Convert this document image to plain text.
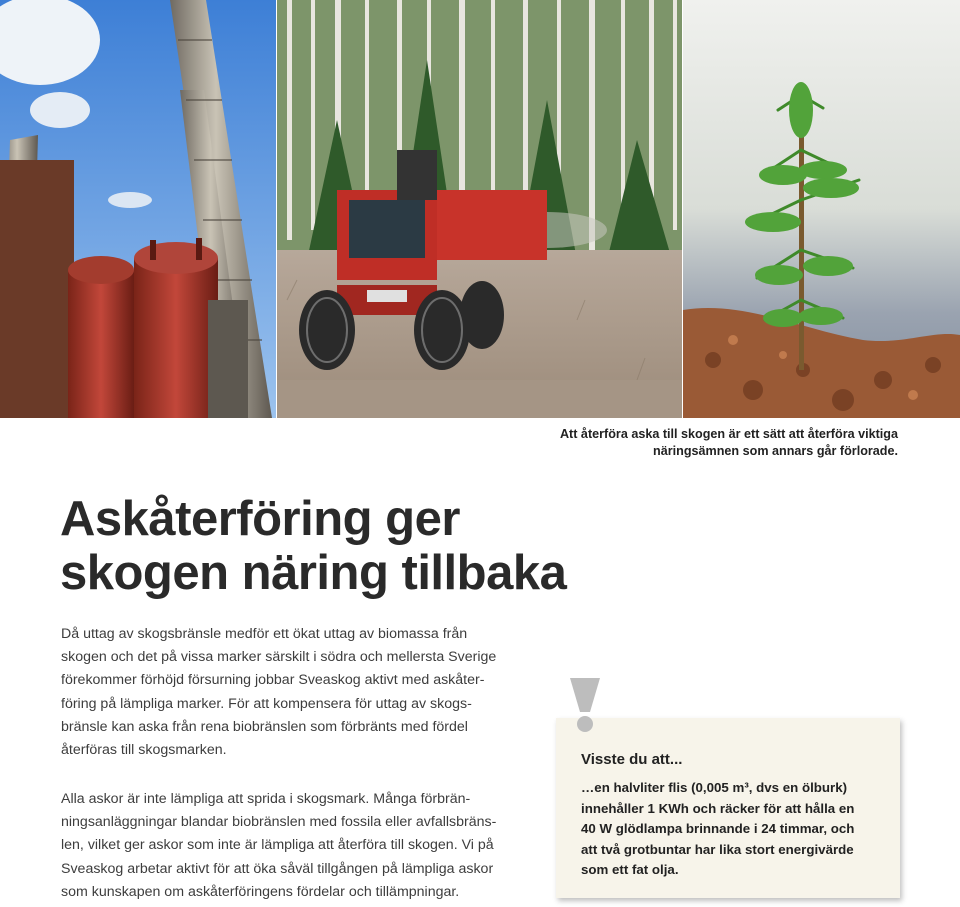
Att återföra aska till skogen är ett sätt att återföra viktiga
näringsämnen som annars går förlorade.
Askåterföring ger
skogen näring tillbaka
Då uttag av skogsbränsle medför ett ökat uttag av biomassa från
skogen och det på vissa marker särskilt i södra och mellersta Sverige
förekommer förhöjd försurning jobbar Sveaskog aktivt med askåter-
föring på lämpliga marker. För att kompensera för uttag av skogs-
bränsle kan aska från rena biobränslen som förbränts med fördel
återföras till skogsmarken.
Alla askor är inte lämpliga att sprida i skogsmark. Många förbrän-
ningsanläggningar blandar biobränslen med fossila eller avfallsbräns-
len, vilket ger askor som inte är lämpliga att återföra till skogen. Vi på
Sveaskog arbetar aktivt för att öka såväl tillgången på lämpliga askor
som kunskapen om askåterföringens fördelar och tillämpningar.
Visste du att...
…en halvliter flis (0,005 m³, dvs en ölburk)
innehåller 1 KWh och räcker för att hålla en
40 W glödlampa brinnande i 24 timmar, och
att två grotbuntar har lika stort energivärde
som ett fat olja.
